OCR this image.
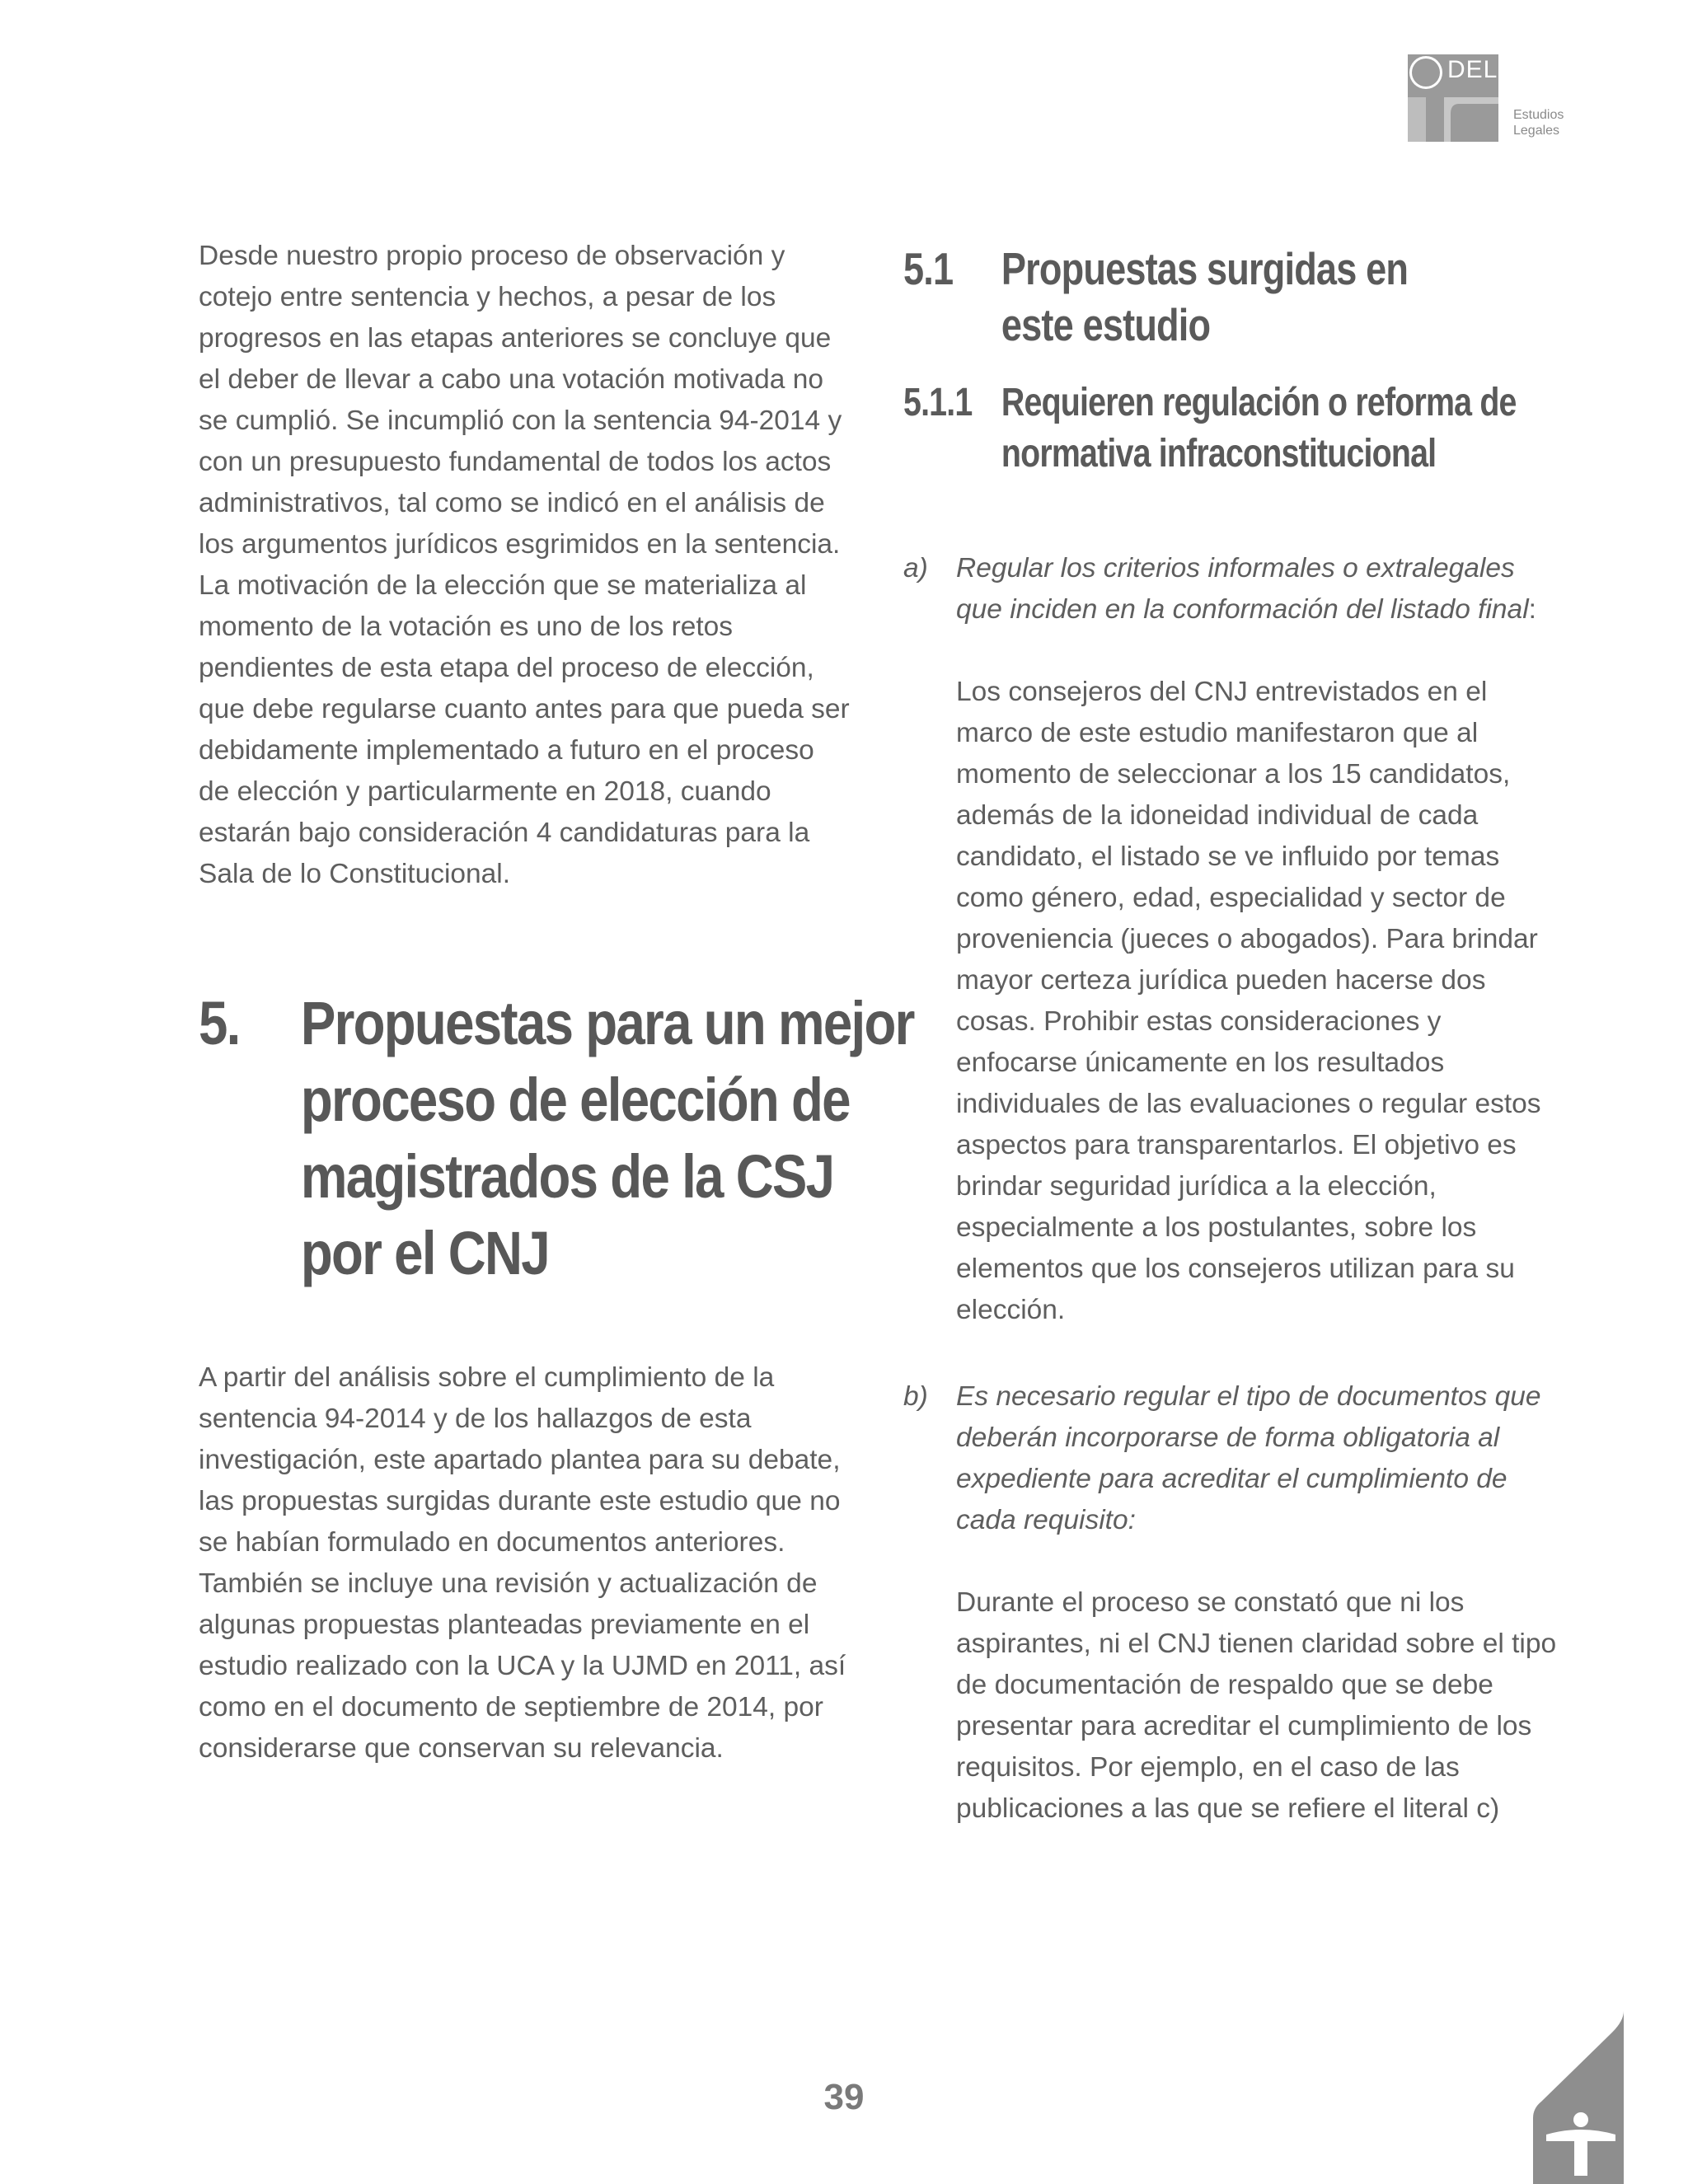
DEL
Estudios
Legales

Desde nuestro propio proceso de observación y cotejo entre sentencia y hechos, a pesar de los progresos en las etapas anteriores se concluye que el deber de llevar a cabo una votación motivada no se cumplió. Se incumplió con la sentencia 94-2014 y con un presupuesto fundamental de todos los actos administrativos, tal como se indicó en el análisis de los argumentos jurídicos esgrimidos en la sentencia. La motivación de la elección que se materializa al momento de la votación es uno de los retos pendientes de esta etapa del proceso de elección, que debe regularse cuanto antes para que pueda ser debidamente implementado a futuro en el proceso de elección y particularmente en 2018, cuando estarán bajo consideración 4 candidaturas para la Sala de lo Constitucional.

5. Propuestas para un mejor proceso de elección de magistrados de la CSJ por el CNJ

A partir del análisis sobre el cumplimiento de la sentencia 94-2014 y de los hallazgos de esta investigación, este apartado plantea para su debate, las propuestas surgidas durante este estudio que no se habían formulado en documentos anteriores. También se incluye una revisión y actualización de algunas propuestas planteadas previamente en el estudio realizado con la UCA y la UJMD en 2011, así como en el documento de septiembre de 2014, por considerarse que conservan su relevancia.

5.1 Propuestas surgidas en este estudio
5.1.1 Requieren regulación o reforma de normativa infraconstitucional
a) Regular los criterios informales o extralegales que inciden en la conformación del listado final:

Los consejeros del CNJ entrevistados en el marco de este estudio manifestaron que al momento de seleccionar a los 15 candidatos, además de la idoneidad individual de cada candidato, el listado se ve influido por temas como género, edad, especialidad y sector de proveniencia (jueces o abogados). Para brindar mayor certeza jurídica pueden hacerse dos cosas. Prohibir estas consideraciones y enfocarse únicamente en los resultados individuales de las evaluaciones o regular estos aspectos para transparentarlos. El objetivo es brindar seguridad jurídica a la elección, especialmente a los postulantes, sobre los elementos que los consejeros utilizan para su elección.

b) Es necesario regular el tipo de documentos que deberán incorporarse de forma obligatoria al expediente para acreditar el cumplimiento de cada requisito:

Durante el proceso se constató que ni los aspirantes, ni el CNJ tienen claridad sobre el tipo de documentación de respaldo que se debe presentar para acreditar el cumplimiento de los requisitos. Por ejemplo, en el caso de las publicaciones a las que se refiere el literal c)

39
